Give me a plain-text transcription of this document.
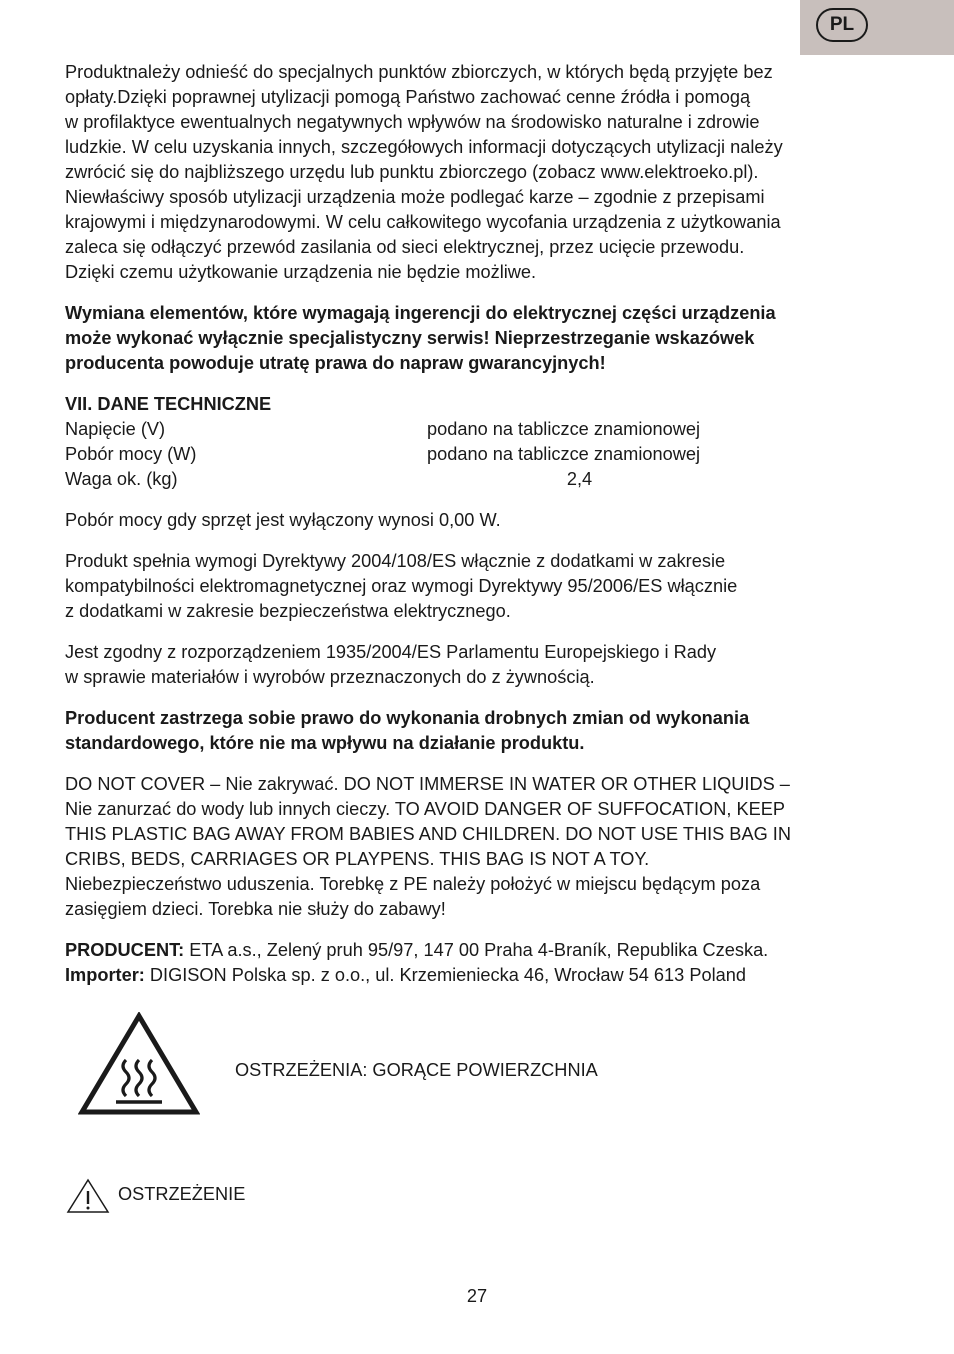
PL

Produktnależy odnieść do specjalnych punktów zbiorczych, w których będą przyjęte bez
opłaty.Dzięki poprawnej utylizacji pomogą Państwo zachować cenne źródła i pomogą
w profilaktyce ewentualnych negatywnych wpływów na środowisko naturalne i zdrowie
ludzkie. W celu uzyskania innych, szczegółowych informacji dotyczących utylizacji należy
zwrócić się do najbliższego urzędu lub punktu zbiorczego (zobacz www.elektroeko.pl).
Niewłaściwy sposób utylizacji urządzenia może podlegać karze – zgodnie z przepisami
krajowymi i międzynarodowymi. W celu całkowitego wycofania urządzenia z użytkowania
zaleca się odłączyć przewód zasilania od sieci elektrycznej, przez ucięcie przewodu.
Dzięki czemu użytkowanie urządzenia nie będzie możliwe.

Wymiana elementów, które wymagają ingerencji do elektrycznej części urządzenia
może wykonać wyłącznie specjalistyczny serwis! Nieprzestrzeganie wskazówek
producenta powoduje utratę prawa do napraw gwarancyjnych!

VII. DANE TECHNICZNE
Napięcie (V)	podano na tabliczce znamionowej
Pobór mocy (W)	podano na tabliczce znamionowej
Waga ok. (kg)	2,4

Pobór mocy gdy sprzęt jest wyłączony wynosi 0,00 W.

Produkt spełnia wymogi Dyrektywy 2004/108/ES włącznie z dodatkami w zakresie
kompatybilności elektromagnetycznej oraz wymogi Dyrektywy 95/2006/ES włącznie
z dodatkami w zakresie bezpieczeństwa elektrycznego.

Jest zgodny z rozporządzeniem 1935/2004/ES Parlamentu Europejskiego i Rady
w sprawie materiałów i wyrobów przeznaczonych do z żywnością.

Producent zastrzega sobie prawo do wykonania drobnych zmian od wykonania
standardowego, które nie ma wpływu na działanie produktu.

DO NOT COVER – Nie zakrywać. DO NOT IMMERSE IN WATER OR OTHER LIQUIDS –
Nie zanurzać do wody lub innych cieczy. TO AVOID DANGER OF SUFFOCATION, KEEP
THIS PLASTIC BAG AWAY FROM BABIES AND CHILDREN. DO NOT USE THIS BAG IN
CRIBS, BEDS, CARRIAGES OR PLAYPENS. THIS BAG IS NOT A TOY.
Niebezpieczeństwo uduszenia. Torebkę z PE należy położyć w miejscu będącym poza
zasięgiem dzieci. Torebka nie służy do zabawy!

PRODUCENT: ETA a.s., Zelený pruh 95/97, 147 00 Praha 4-Braník, Republika Czeska.
Importer: DIGISON Polska sp. z o.o., ul. Krzemieniecka 46, Wrocław 54 613 Poland

OSTRZEŻENIA: GORĄCE POWIERZCHNIA
OSTRZEŻENIE
27
